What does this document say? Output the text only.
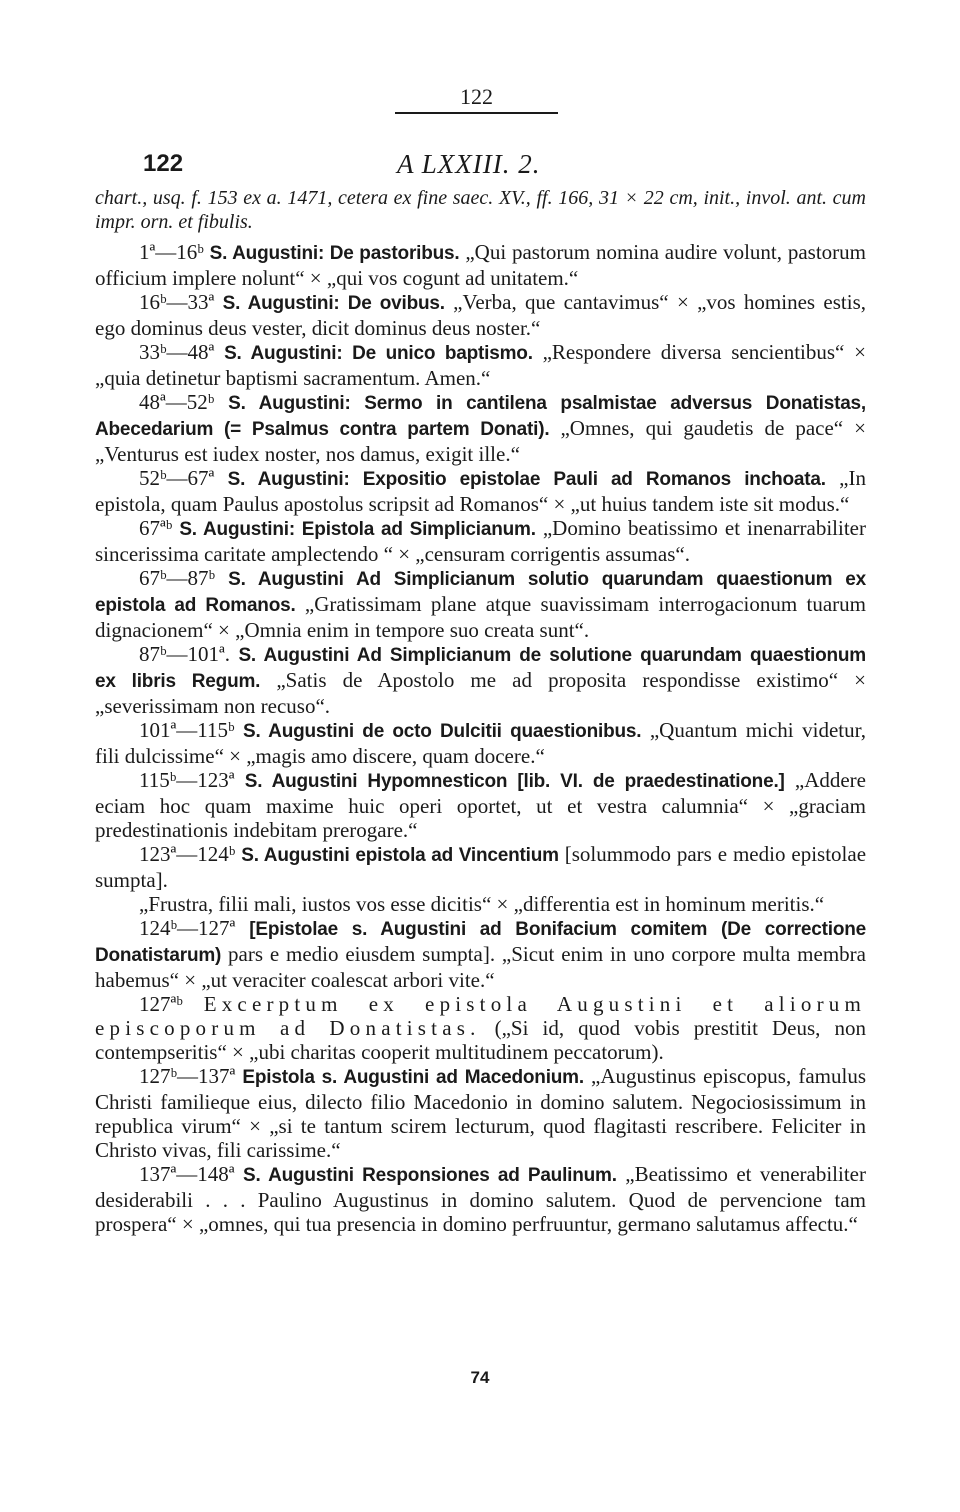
122
122	A LXXIII. 2.

chart., usq. f. 153 ex a. 1471, cetera ex fine saec. XV., ff. 166, 31 × 22 cm, init., invol. ant. cum impr. orn. et fibulis.

1ª—16ᵇ S. Augustini: De pastoribus. „Qui pastorum nomina audire volunt, pastorum officium implere nolunt“ × „qui vos cogunt ad unitatem.“

16ᵇ—33ª S. Augustini: De ovibus. „Verba, que cantavimus“ × „vos homines estis, ego dominus deus vester, dicit dominus deus noster.“

33ᵇ—48ª S. Augustini: De unico baptismo. „Respondere diversa sencientibus“ × „quia detinetur baptismi sacramentum. Amen.“

48ª—52ᵇ S. Augustini: Sermo in cantilena psalmistae adversus Donatistas, Abecedarium (= Psalmus contra partem Donati). „Omnes, qui gaudetis de pace“ × „Venturus est iudex noster, nos damus, exigit ille.“

52ᵇ—67ª S. Augustini: Expositio epistolae Pauli ad Romanos inchoata. „In epistola, quam Paulus apostolus scripsit ad Romanos“ × „ut huius tandem iste sit modus.“

67ªᵇ S. Augustini: Epistola ad Simplicianum. „Domino beatissimo et inenarrabiliter sincerissima caritate amplectendo “ × „censuram corrigentis assumas“.

67ᵇ—87ᵇ S. Augustini Ad Simplicianum solutio quarundam quaestionum ex epistola ad Romanos. „Gratissimam plane atque suavissimam interrogacionum tuarum dignacionem“ × „Omnia enim in tempore suo creata sunt“.

87ᵇ—101ª. S. Augustini Ad Simplicianum de solutione quarundam quaestionum ex libris Regum. „Satis de Apostolo me ad proposita respondisse existimo“ × „severissimam non recuso“.

101ª—115ᵇ S. Augustini de octo Dulcitii quaestionibus. „Quantum michi videtur, fili dulcissime“ × „magis amo discere, quam docere.“

115ᵇ—123ª S. Augustini Hypomnesticon [lib. VI. de praedestinatione.] „Addere eciam hoc quam maxime huic operi oportet, ut et vestra calumnia“ × „graciam predestinationis indebitam prerogare.“

123ª—124ᵇ S. Augustini epistola ad Vincentium [solummodo pars e medio epistolae sumpta].

„Frustra, filii mali, iustos vos esse dicitis“ × „differentia est in hominum meritis.“

124ᵇ—127ª [Epistolae s. Augustini ad Bonifacium comitem (De correctione Donatistarum) pars e medio eiusdem sumpta]. „Sicut enim in uno corpore multa membra habemus“ × „ut veraciter coalescat arbori vite.“

127ªᵇ Excerptum ex epistola Augustini et aliorum episcoporum ad Donatistas. („Si id, quod vobis prestitit Deus, non contempseritis“ × „ubi charitas cooperit multitudinem peccatorum).

127ᵇ—137ª Epistola s. Augustini ad Macedonium. „Augustinus episcopus, famulus Christi familieque eius, dilecto filio Macedonio in domino salutem. Negociosissimum in republica virum“ × „si te tantum scirem lecturum, quod flagitasti rescribere. Feliciter in Christo vivas, fili carissime.“

137ª—148ª S. Augustini Responsiones ad Paulinum. „Beatissimo et venerabiliter desiderabili . . . Paulino Augustinus in domino salutem. Quod de pervencione tam prospera“ × „omnes, qui tua presencia in domino perfruuntur, germano salutamus affectu.“

74
